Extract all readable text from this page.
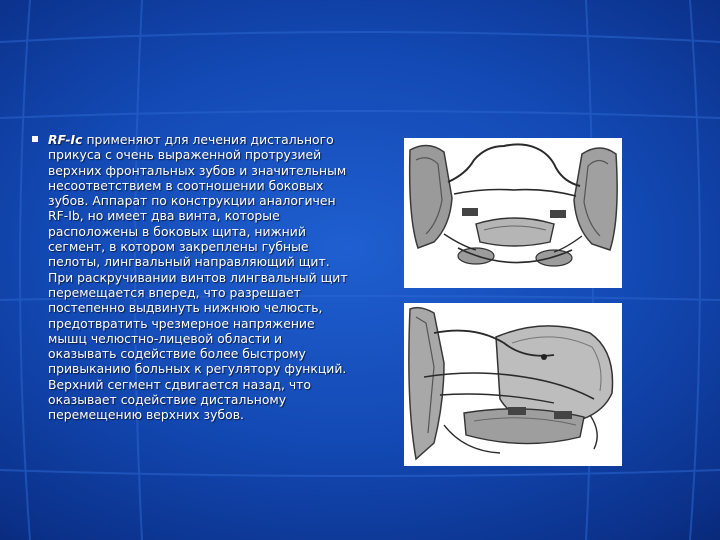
RF-Ic применяют для лечения дистального прикуса с очень выраженной протрузией верхних фронтальных зубов и значительным несоответствием в соотношении боковых зубов. Аппарат по конструкции аналогичен RF-Ib, но имеет два винта, которые расположены в боковых щита, нижний сегмент, в котором закреплены губные пелоты, лингвальный направляющий щит. При раскручивании винтов лингвальный щит перемещается вперед, что разрешает постепенно выдвинуть нижнюю челюсть, предотвратить чрезмерное напряжение мышц челюстно-лицевой области и оказывать содействие более быстрому привыканию больных к регулятору функций. Верхний сегмент сдвигается назад, что оказывает содействие дистальному перемещению верхних зубов.
